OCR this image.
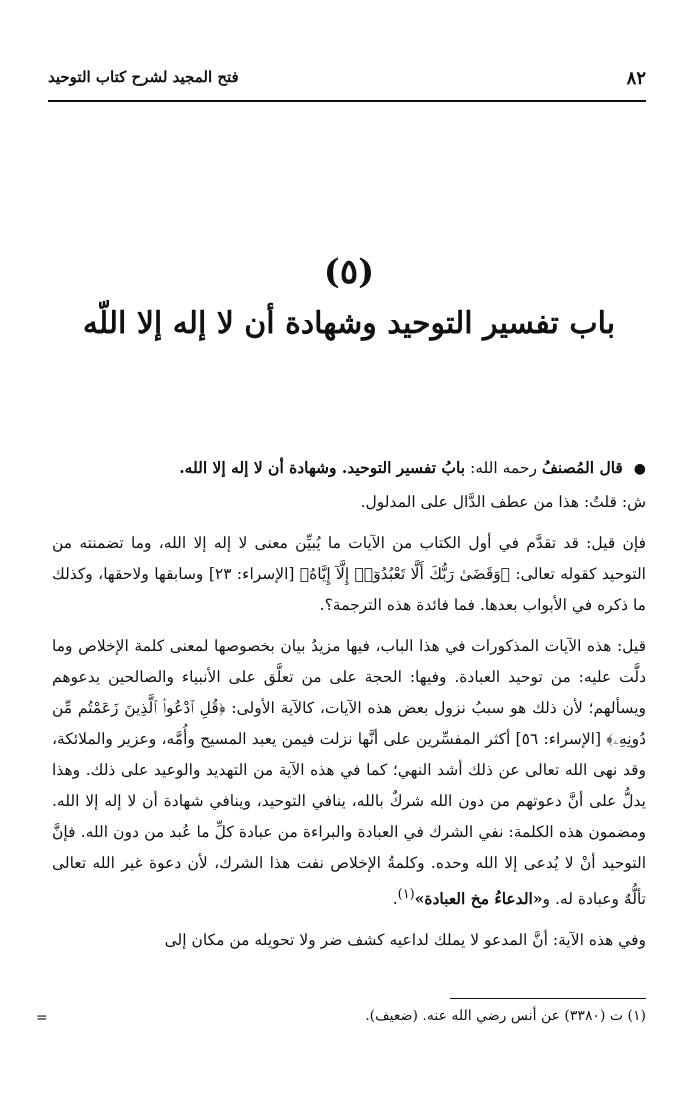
٨٢
فتح المجيد لشرح كتاب التوحيد
(٥)
باب تفسير التوحيد وشهادة أن لا إله إلا اللّه

● قال المُصنفُ رحمه الله: بابُ تفسير التوحيد. وشهادة أن لا إله إلا الله.

ش: قلتُ: هذا من عطف الدَّال على المدلول.

فإن قيل: قد تقدَّم في أول الكتاب من الآيات ما يُبيِّن معنى لا إله إلا الله، وما تضمنته من التوحيد كقوله تعالى: ﴿وَقَضَىٰ رَبُّكَ أَلَّا تَعْبُدُوٓا۟ إِلَّآ إِيَّاهُ﴾ [الإسراء: ٢٣] وسابقها ولاحقها، وكذلك ما ذكره في الأبواب بعدها. فما فائدة هذه الترجمة؟.

قيل: هذه الآيات المذكورات في هذا الباب، فيها مزيدُ بيان بخصوصها لمعنى كلمة الإخلاص وما دلَّت عليه: من توحيد العبادة. وفيها: الحجة على من تعلَّق على الأنبياء والصالحين يدعوهم ويسألهم؛ لأن ذلك هو سببُ نزول بعض هذه الآيات، كالآية الأولى: ﴿قُلِ ٱدْعُوا۟ ٱلَّذِينَ زَعَمْتُم مِّن دُونِهِۦ﴾ [الإسراء: ٥٦] أكثر المفسِّرين على أنَّها نزلت فيمن يعبد المسيح وأُمَّه، وعزير والملائكة، وقد نهى الله تعالى عن ذلك أشد النهي؛ كما في هذه الآية من التهديد والوعيد على ذلك. وهذا يدلُّ على أنَّ دعوتهم من دون الله شركٌ بالله، ينافي التوحيد، وينافي شهادة أن لا إله إلا الله. ومضمون هذه الكلمة: نفي الشرك في العبادة والبراءة من عبادة كلِّ ما عُبد من دون الله. فإنَّ التوحيد أنْ لا يُدعى إلا الله وحده. وكلمةُ الإخلاص نفت هذا الشرك، لأن دعوة غير الله تعالى تألُّهٌ وعبادة له. و«الدعاءُ مخ العبادة»$^{(١)}$.

وفي هذه الآية: أنَّ المدعو لا يملك لداعيه كشف ضر ولا تحويله من مكان إلى

(١) ت (٣٣٨٠) عن أنس رضي الله عنه. (ضعيف).
=
